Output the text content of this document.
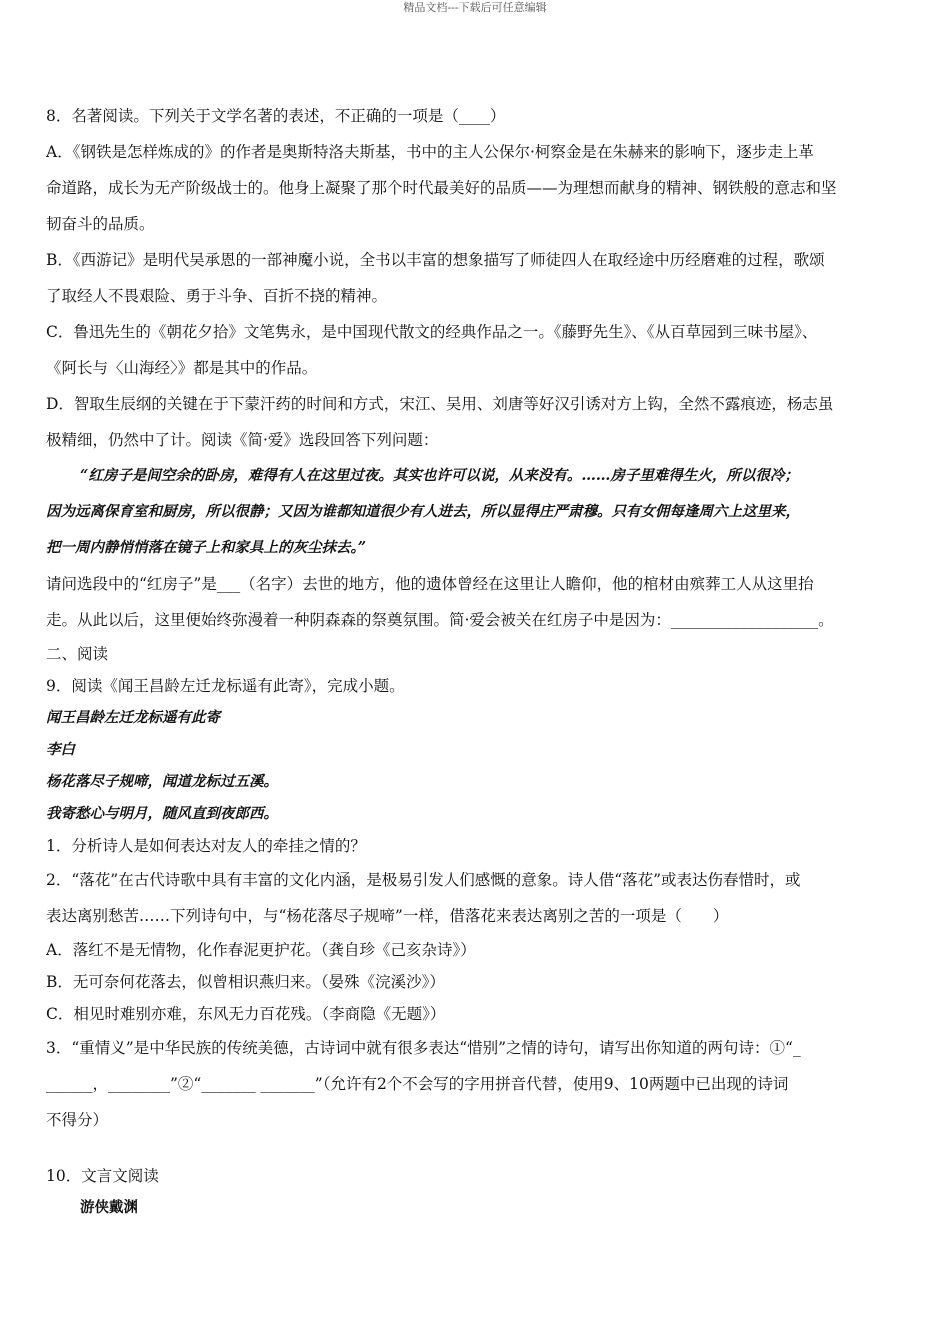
精品文档---下载后可任意编辑
8．名著阅读。下列关于文学名著的表述，不正确的一项是（____）
A．《钢铁是怎样炼成的》的作者是奥斯特洛夫斯基，书中的主人公保尔·柯察金是在朱赫来的影响下，逐步走上革
命道路，成长为无产阶级战士的。他身上凝聚了那个时代最美好的品质——为理想而献身的精神、钢铁般的意志和坚
韧奋斗的品质。
B．《西游记》是明代吴承恩的一部神魔小说，全书以丰富的想象描写了师徒四人在取经途中历经磨难的过程，歌颂
了取经人不畏艰险、勇于斗争、百折不挠的精神。
C．鲁迅先生的《朝花夕拾》文笔隽永，是中国现代散文的经典作品之一。《藤野先生》、《从百草园到三味书屋》、
《阿长与〈山海经〉》都是其中的作品。
D．智取生辰纲的关键在于下蒙汗药的时间和方式，宋江、吴用、刘唐等好汉引诱对方上钩，全然不露痕迹，杨志虽
极精细，仍然中了计。阅读《简·爱》选段回答下列问题：
“红房子是间空余的卧房，难得有人在这里过夜。其实也许可以说，从来没有。……房子里难得生火，所以很冷；
因为远离保育室和厨房，所以很静；又因为谁都知道很少有人进去，所以显得庄严肃穆。只有女佣每逢周六上这里来，
把一周内静悄悄落在镜子上和家具上的灰尘抹去。”
请问选段中的“红房子”是___（名字）去世的地方，他的遗体曾经在这里让人瞻仰，他的棺材由殡葬工人从这里抬
走。从此以后，这里便始终弥漫着一种阴森森的祭奠氛围。简·爱会被关在红房子中是因为：___________________。
二、阅读
9．阅读《闻王昌龄左迁龙标遥有此寄》，完成小题。
闻王昌龄左迁龙标遥有此寄
李白
杨花落尽子规啼，闻道龙标过五溪。
我寄愁心与明月，随风直到夜郎西。
1．分析诗人是如何表达对友人的牵挂之情的？
2．“落花”在古代诗歌中具有丰富的文化内涵，是极易引发人们感慨的意象。诗人借“落花”或表达伤春惜时，或
表达离别愁苦……下列诗句中，与“杨花落尽子规啼”一样，借落花来表达离别之苦的一项是（　　）
A．落红不是无情物，化作春泥更护花。（龚自珍《己亥杂诗》）
B．无可奈何花落去，似曾相识燕归来。（晏殊《浣溪沙》）
C．相见时难别亦难，东风无力百花残。（李商隐《无题》）
3．“重情义”是中华民族的传统美德，古诗词中就有很多表达“惜别”之情的诗句，请写出你知道的两句诗：①“_
______，________”②“_______ _______”（允许有2个不会写的字用拼音代替，使用9、10两题中已出现的诗词
不得分）
10．文言文阅读
游侠戴渊
